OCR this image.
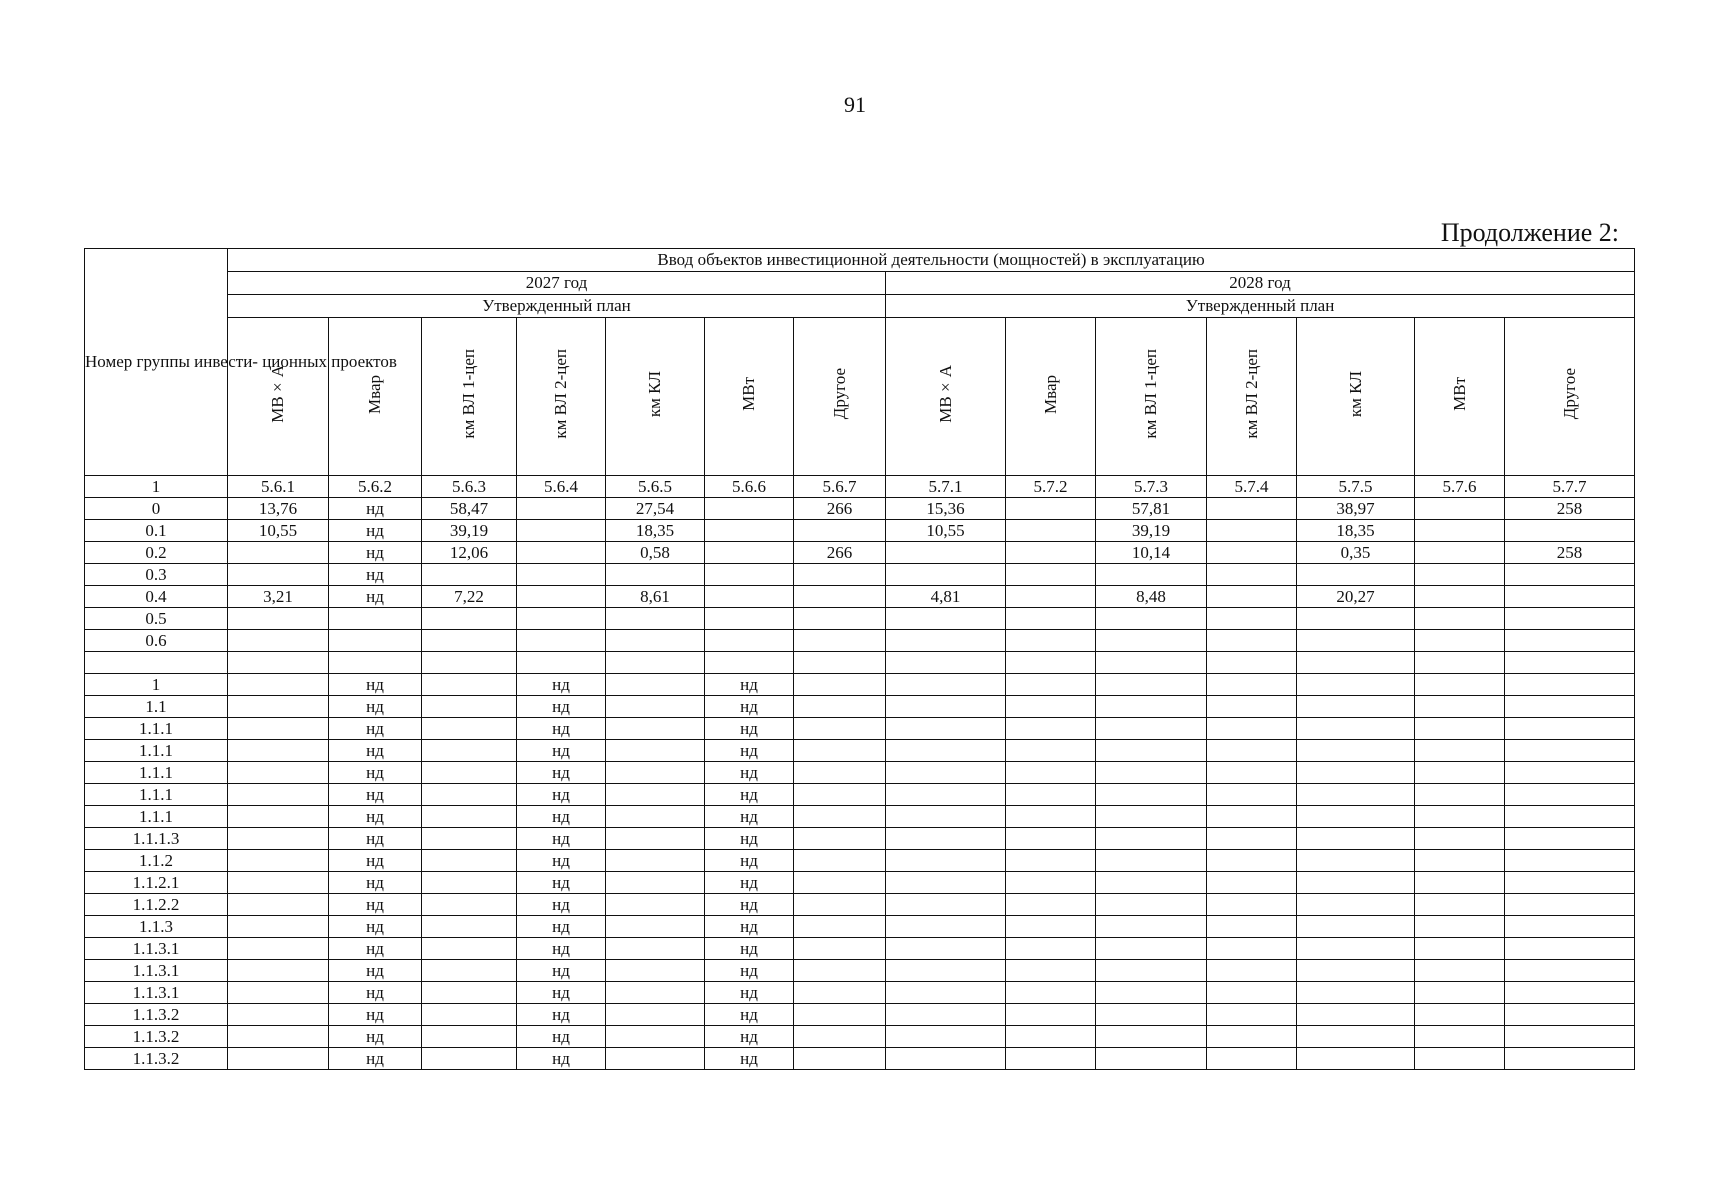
91
Продолжение 2:
Номер группы инвести- ционных проектов	Ввод объектов инвестиционной деятельности (мощностей) в эксплуатацию													
	2027 год							2028 год						
	Утвержденный план							Утвержденный план						
	МВ×А	Мвар	км ВЛ 1-цеп	км ВЛ 2-цеп	км КЛ	МВт	Другое	МВ×А	Мвар	км ВЛ 1-цеп	км ВЛ 2-цеп	км КЛ	МВт	Другое
1	5.6.1	5.6.2	5.6.3	5.6.4	5.6.5	5.6.6	5.6.7	5.7.1	5.7.2	5.7.3	5.7.4	5.7.5	5.7.6	5.7.7
0	13,76	нд	58,47		27,54		266	15,36		57,81		38,97		258
0.1	10,55	нд	39,19		18,35			10,55		39,19		18,35		
0.2		нд	12,06		0,58		266			10,14		0,35		258
0.3		нд												
0.4	3,21	нд	7,22		8,61			4,81		8,48		20,27		
0.5														
0.6														

1		нд		нд		нд								
1.1		нд		нд		нд								
1.1.1		нд		нд		нд								
1.1.1		нд		нд		нд								
1.1.1		нд		нд		нд								
1.1.1		нд		нд		нд								
1.1.1		нд		нд		нд								
1.1.1.3		нд		нд		нд								
1.1.2		нд		нд		нд								
1.1.2.1		нд		нд		нд								
1.1.2.2		нд		нд		нд								
1.1.3		нд		нд		нд								
1.1.3.1		нд		нд		нд								
1.1.3.1		нд		нд		нд								
1.1.3.1		нд		нд		нд								
1.1.3.2		нд		нд		нд								
1.1.3.2		нд		нд		нд								
1.1.3.2		нд		нд		нд								
